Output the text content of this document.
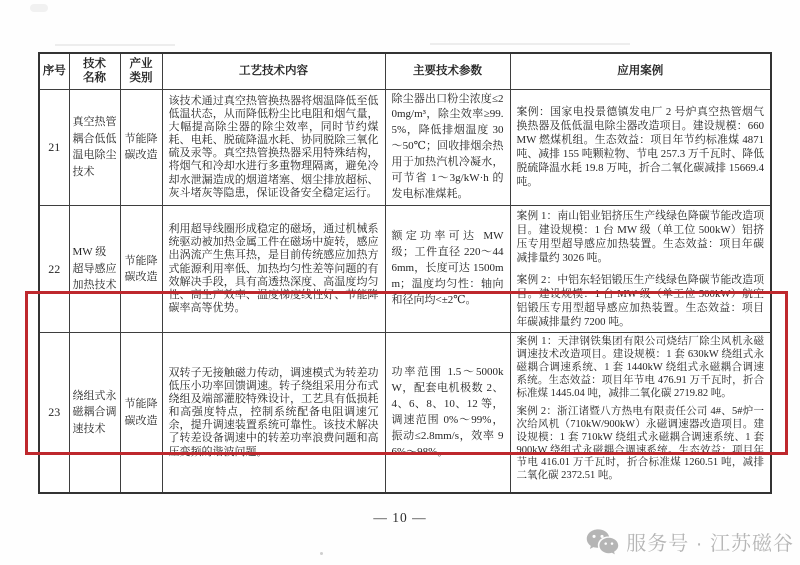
序号	技术名称	产业类别	工艺技术内容	主要技术参数	应用案例
21	真空热管耦合低低温电除尘技术	节能降碳改造	该技术通过真空热管换热器将烟温降低至低低温状态，从而降低粉尘比电阻和烟气量，大幅提高除尘器的除尘效率，同时节约煤耗、电耗、脱硫降温水耗、协同脱除三氧化硫及汞等。真空热管换热器采用特殊结构，将烟气和冷却水进行多重物理隔离，避免冷却水泄漏造成的烟道堵塞、烟尘排放超标、灰斗堵灰等隐患，保证设备安全稳定运行。	除尘器出口粉尘浓度≤20mg/m³，除尘效率≥99.5%，降低排烟温度 30～50℃；回收排烟余热用于加热汽机冷凝水，可节省 1～3g/kW·h 的发电标准煤耗。	案例：国家电投景德镇发电厂 2 号炉真空热管烟气换热器及低低温电除尘器改造项目。建设规模：660MW 燃煤机组。生态效益：项目年节约标准煤 4871 吨、减排 155 吨颗粒物、节电 257.3 万千瓦时、降低脱硫降温水耗 19.8 万吨，折合二氧化碳减排 15669.4 吨。

22	MW 级超导感应加热技术	节能降碳改造	利用超导线圈形成稳定的磁场，通过机械系统驱动被加热金属工件在磁场中旋转，感应出涡流产生焦耳热，是目前传统感应加热方式能源利用率低、加热均匀性差等问题的有效解决手段，具有高透热深度、高温度均匀性、高生产效率、温度梯度线性好、节能降碳率高等优势。	额定功率可达 MW 级；工件直径 220～446mm，长度可达 1500mm；温度均匀性：轴向和径向均<±2℃。	案例 1：南山铝业铝挤压生产线绿色降碳节能改造项目。建设规模：1 台 MW 级（单工位 500kW）铝挤压专用型超导感应加热装置。生态效益：项目年碳减排量约 3026 吨。

案例 2：中铝东轻铝锻压生产线绿色降碳节能改造项目。建设规模：1 台 MW 级（单工位 500kW）航空铝锻压专用型超导感应加热装置。生态效益：项目年碳减排量约 7200 吨。

23	绕组式永磁耦合调速技术	节能降碳改造	双转子无接触磁力传动，调速模式为转差功低压小功率回馈调速。转子绕组采用分布式绕组及端部灌胶特殊设计，工艺具有低损耗和高强度特点，控制系统配备电阻调速冗余，提升调速装置系统可靠性。该技术解决了转差设备调速中的转差功率浪费问题和高压变频的谐波问题。	功率范围 1.5～5000kW，配套电机极数 2、4、6、8、10、12 等，调速范围 0%～99%，振动≤2.8mm/s，效率 96%～98%。	案例 1：天津钢铁集团有限公司烧结厂除尘风机永磁调速技术改造项目。建设规模：1 套 630kW 绕组式永磁耦合调速系统、1 套 1440kW 绕组式永磁耦合调速系统。生态效益：项目年节电 476.91 万千瓦时，折合标准煤 1445.04 吨，减排二氧化碳 2719.82 吨。

案例 2：浙江诸暨八方热电有限责任公司 4#、5#炉一次给风机（710kW/900kW）永磁调速器改造项目。建设规模：1 套 710kW 绕组式永磁耦合调速系统、1 套 900kW 绕组式永磁耦合调速系统。生态效益：项目年节电 416.01 万千瓦时，折合标准煤 1260.51 吨，减排二氧化碳 2372.51 吨。

— 10 —
服务号 · 江苏磁谷
